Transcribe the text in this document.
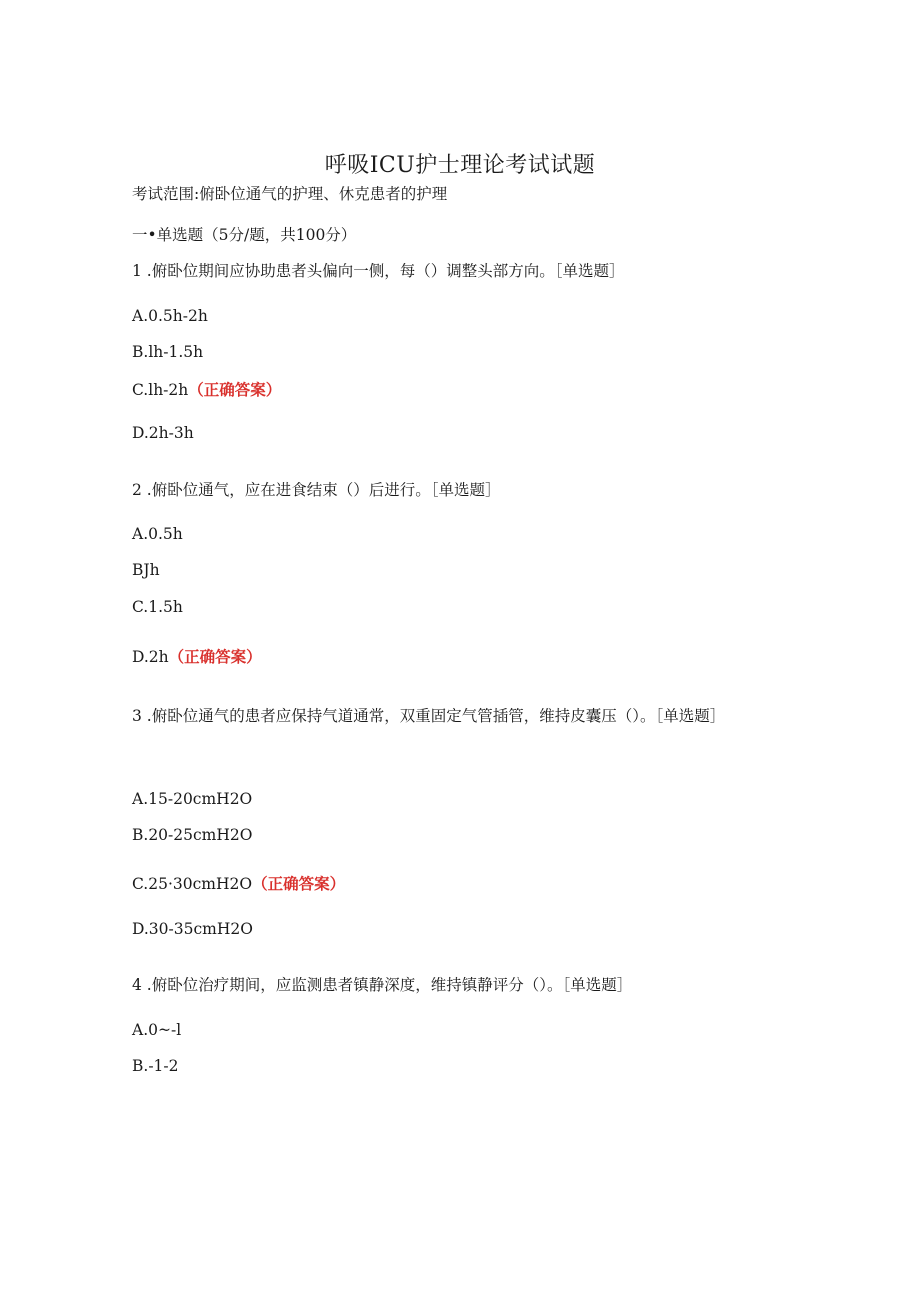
呼吸ICU护士理论考试试题
考试范围:俯卧位通气的护理、休克患者的护理
一•单选题（5分/题，共100分）
1 .俯卧位期间应协助患者头偏向一侧，每（）调整头部方向。［单选题］
A.0.5h-2h
B.lh-1.5h
C.lh-2h（正确答案）
D.2h-3h
2 .俯卧位通气，应在进食结束（）后进行。［单选题］
A.0.5h
BJh
C.1.5h
D.2h（正确答案）
3 .俯卧位通气的患者应保持气道通常，双重固定气管插管，维持皮囊压（）。［单选题］
A.15-20cmH2O
B.20-25cmH2O
C.25·30cmH2O（正确答案）
D.30-35cmH2O
4 .俯卧位治疗期间，应监测患者镇静深度，维持镇静评分（）。［单选题］
A.0~-l
B.-1-2
